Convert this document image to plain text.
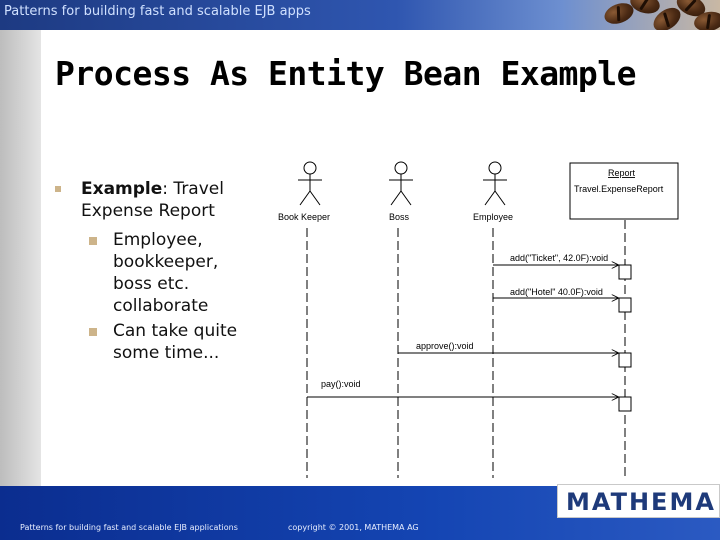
Patterns for building fast and scalable EJB apps
Process As Entity Bean Example
Example: Travel
Expense Report
Employee,
bookkeeper,
boss etc.
collaborate
Can take quite
some time...
Book Keeper	Boss	Employee
Report
Travel.ExpenseReport
add("Ticket", 42.0F):void
add("Hotel" 40.0F):void
approve():void
pay():void
Patterns for building fast and scalable EJB applications	copyright © 2001, MATHEMA AG
MATHEMA
